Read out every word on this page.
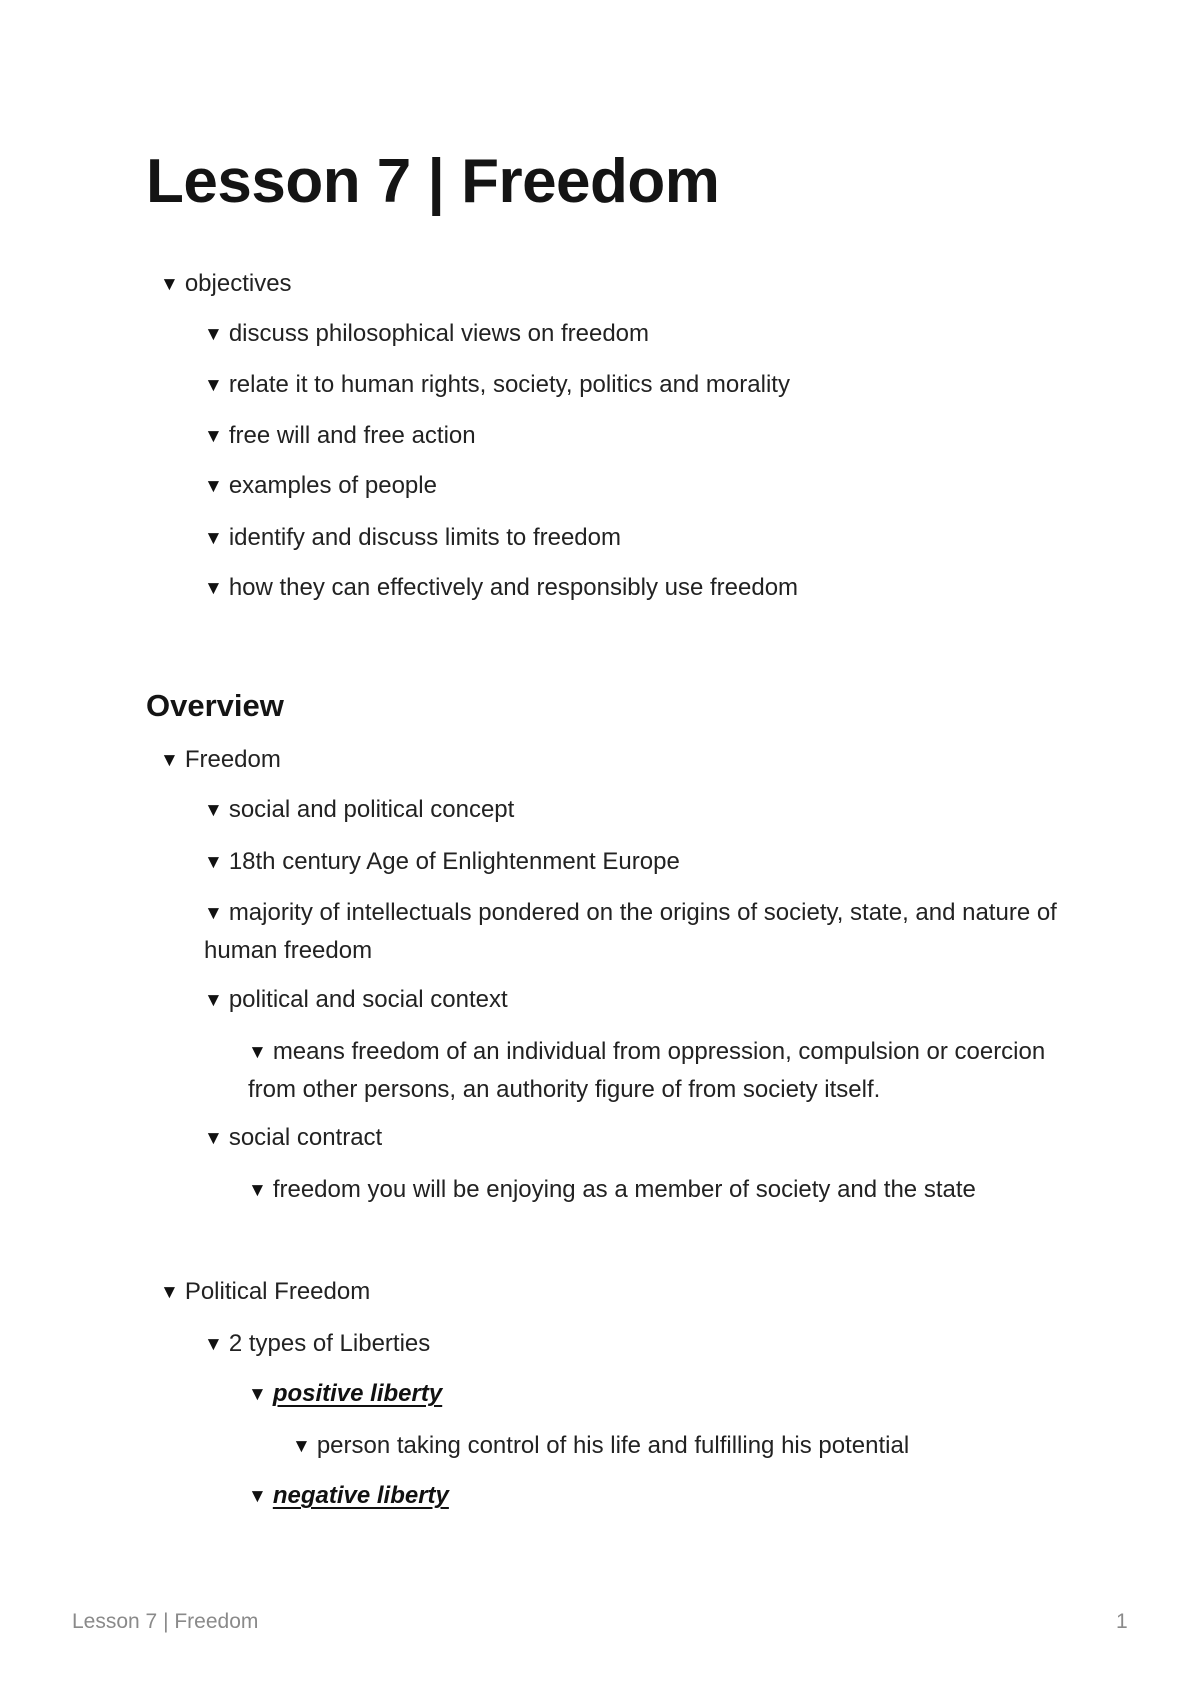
Lesson 7 | Freedom
▼ objectives
▼ discuss philosophical views on freedom
▼ relate it to human rights, society, politics and morality
▼ free will and free action
▼ examples of people
▼ identify and discuss limits to freedom
▼ how they can effectively and responsibly use freedom
Overview
▼ Freedom
▼ social and political concept
▼ 18th century Age of Enlightenment Europe
▼ majority of intellectuals pondered on the origins of society, state, and nature of human freedom
▼ political and social context
▼ means freedom of an individual from oppression, compulsion or coercion from other persons, an authority figure of from society itself.
▼ social contract
▼ freedom you will be enjoying as a member of society and the state
▼ Political Freedom
▼ 2 types of Liberties
▼ positive liberty
▼ person taking control of his life and fulfilling his potential
▼ negative liberty
Lesson 7 | Freedom	1
